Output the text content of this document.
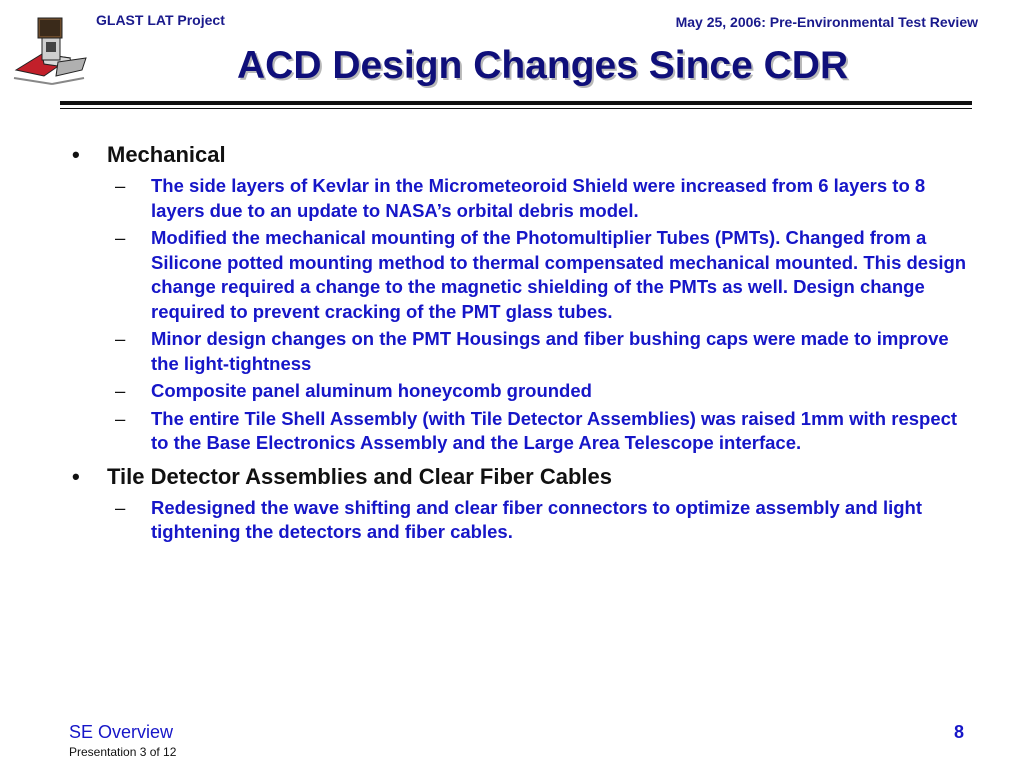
GLAST LAT Project	May 25, 2006: Pre-Environmental Test Review
ACD Design Changes Since CDR
• Mechanical
– The side layers of Kevlar in the Micrometeoroid Shield were increased from 6 layers to 8 layers due to an update to NASA’s orbital debris model.
– Modified the mechanical mounting of the Photomultiplier Tubes (PMTs). Changed from a Silicone potted mounting method to thermal compensated mechanical mounted. This design change required a change to the magnetic shielding of the PMTs as well. Design change required to prevent cracking of the PMT glass tubes.
– Minor design changes on the PMT Housings and fiber bushing caps were made to improve the light-tightness
– Composite panel aluminum honeycomb grounded
– The entire Tile Shell Assembly (with Tile Detector Assemblies) was raised 1mm with respect to the Base Electronics Assembly and the Large Area Telescope interface.
• Tile Detector Assemblies and Clear Fiber Cables
– Redesigned the wave shifting and clear fiber connectors to optimize assembly and light tightening the detectors and fiber cables.
SE Overview
Presentation 3 of 12
8
